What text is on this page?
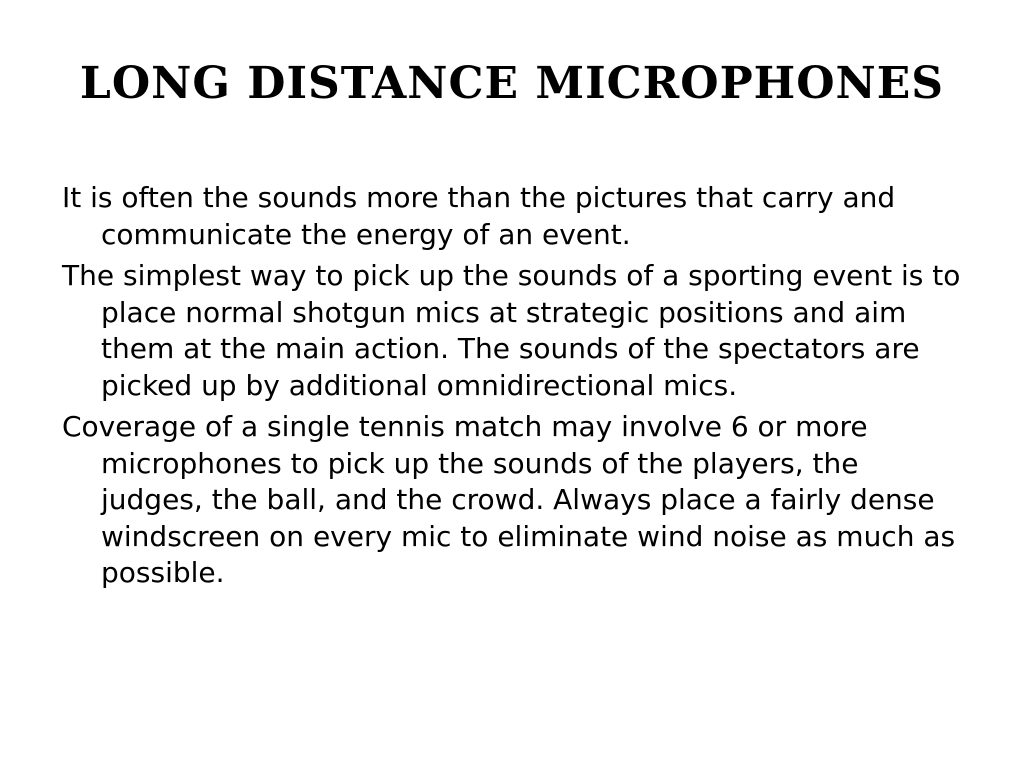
LONG DISTANCE MICROPHONES
It is often the sounds more than the pictures that carry and communicate the energy of an event.
The simplest way to pick up the sounds of a sporting event is to place normal shotgun mics at strategic positions and aim them at the main action. The sounds of the spectators are picked up by additional omnidirectional mics.
Coverage of a single tennis match may involve 6 or more microphones to pick up the sounds of the players, the judges, the ball, and the crowd. Always place a fairly dense windscreen on every mic to eliminate wind noise as much as possible.
